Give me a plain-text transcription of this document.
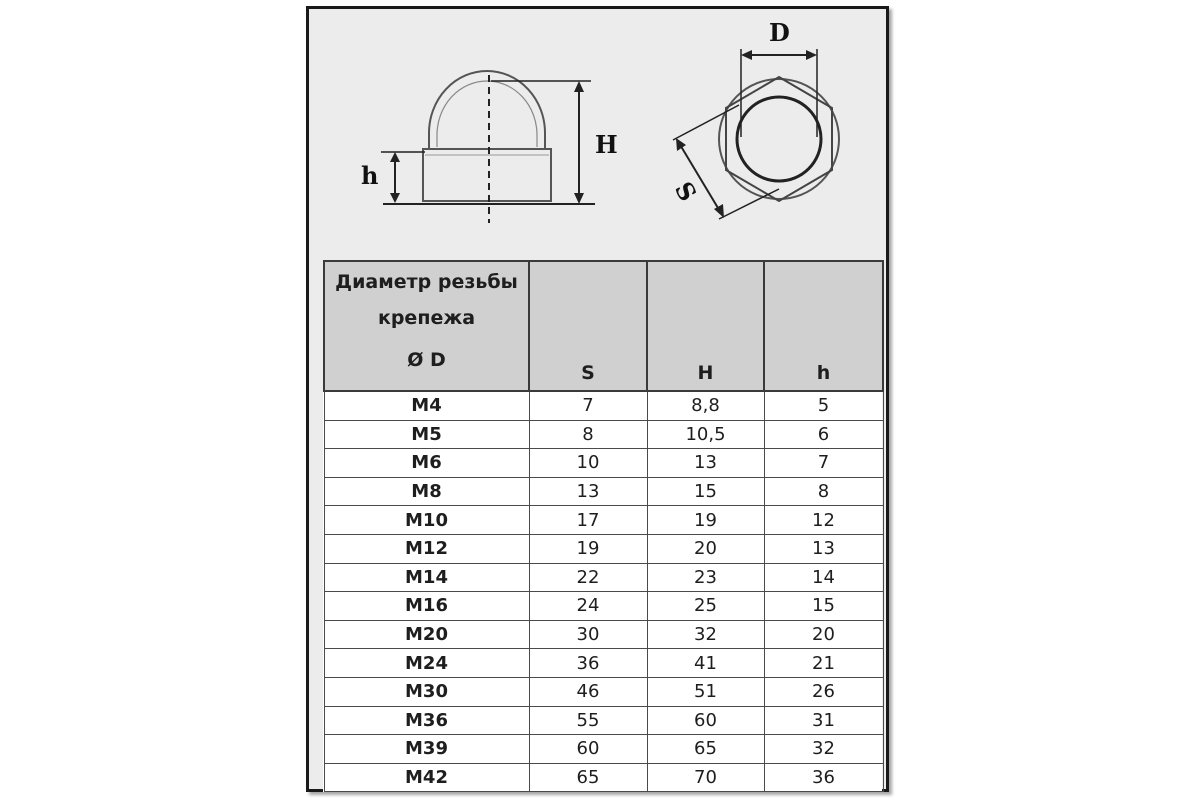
h
H
D
S
Диаметр резьбы
крепежа
Ø D	S	H	h
M4	7	8,8	5
M5	8	10,5	6
M6	10	13	7
M8	13	15	8
M10	17	19	12
M12	19	20	13
M14	22	23	14
M16	24	25	15
M20	30	32	20
M24	36	41	21
M30	46	51	26
M36	55	60	31
M39	60	65	32
M42	65	70	36
